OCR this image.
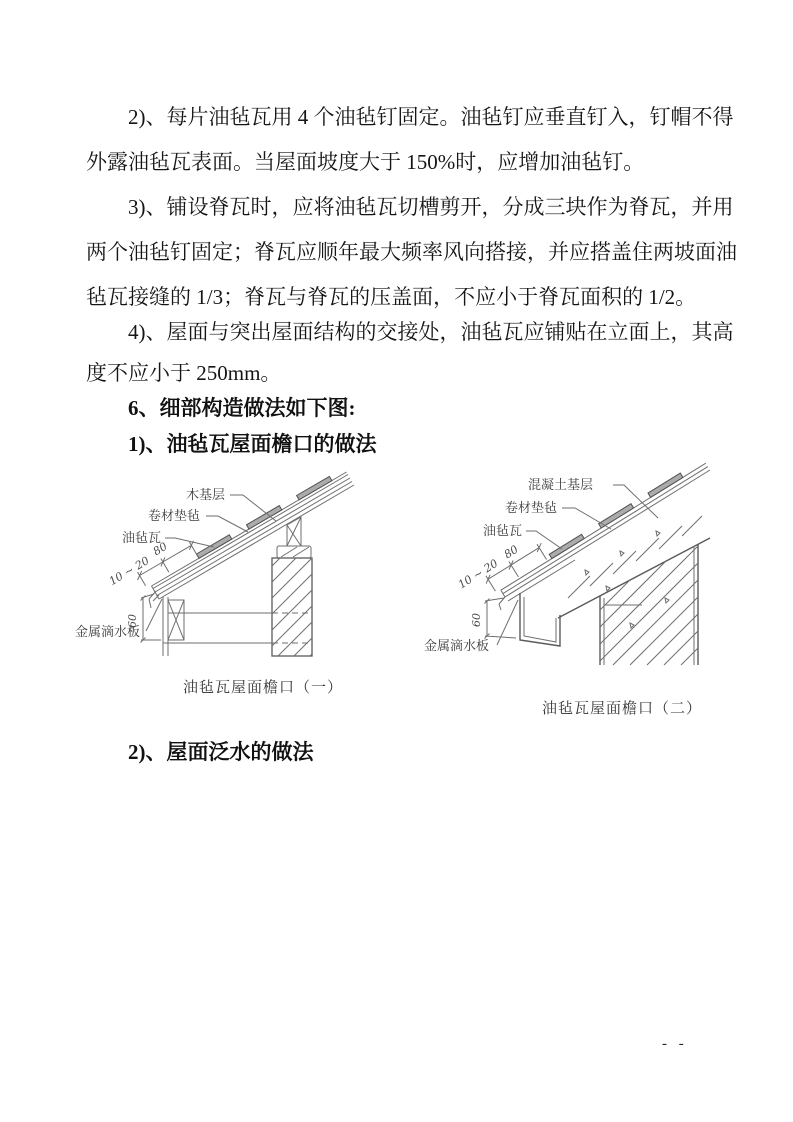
2)、每片油毡瓦用 4 个油毡钉固定。油毡钉应垂直钉入，钉帽不得
外露油毡瓦表面。当屋面坡度大于 150%时，应增加油毡钉。
3)、铺设脊瓦时，应将油毡瓦切槽剪开，分成三块作为脊瓦，并用
两个油毡钉固定；脊瓦应顺年最大频率风向搭接，并应搭盖住两坡面油
毡瓦接缝的 1/3；脊瓦与脊瓦的压盖面，不应小于脊瓦面积的 1/2。
4)、屋面与突出屋面结构的交接处，油毡瓦应铺贴在立面上，其高
度不应小于 250mm。
6、细部构造做法如下图:
1)、油毡瓦屋面檐口的做法
10 ~ 20
80
60
木基层
卷材垫毡
油毡瓦
金属滴水板
油毡瓦屋面檐口（一）
10 ~ 20
80
60
混凝土基层
卷材垫毡
油毡瓦
金属滴水板
油毡瓦屋面檐口（二）
2)、屋面泛水的做法
- -
